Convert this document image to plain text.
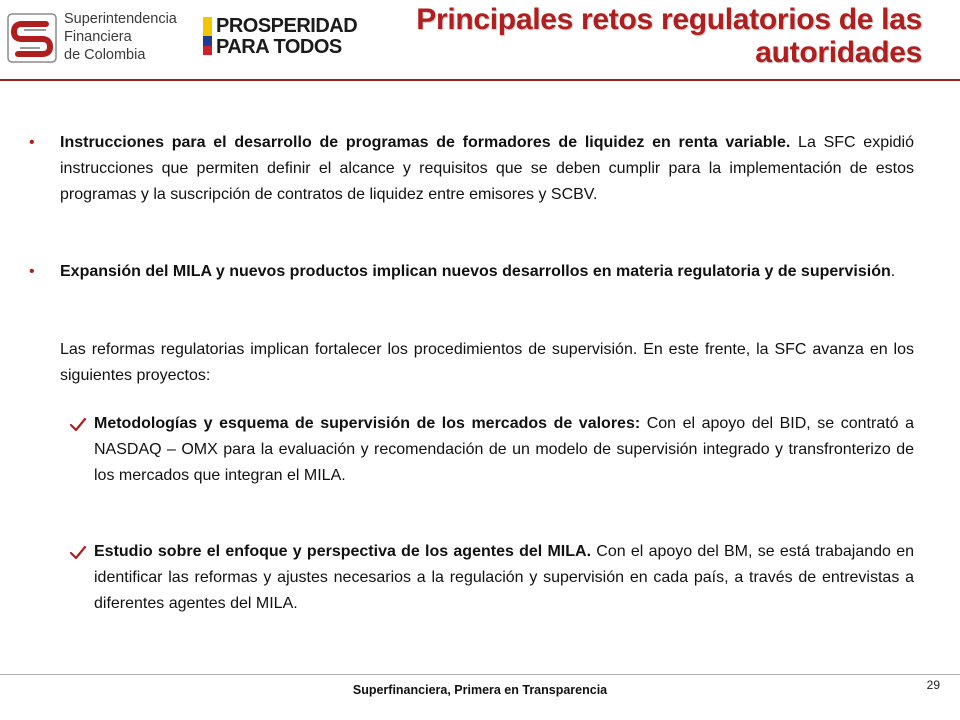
Superintendencia
Financiera
de Colombia
PROSPERIDAD
PARA TODOS
Principales retos regulatorios de las
autoridades
• Instrucciones para el desarrollo de programas de formadores de liquidez en renta variable. La SFC expidió instrucciones que permiten definir el alcance y requisitos que se deben cumplir para la implementación de estos programas y la suscripción de contratos de liquidez entre emisores y SCBV.
• Expansión del MILA y nuevos productos implican nuevos desarrollos en materia regulatoria y de supervisión.
Las reformas regulatorias implican fortalecer los procedimientos de supervisión. En este frente, la SFC avanza en los siguientes proyectos:
Metodologías y esquema de supervisión de los mercados de valores: Con el apoyo del BID, se contrató a NASDAQ – OMX para la evaluación y recomendación de un modelo de supervisión integrado y transfronterizo de los mercados que integran el MILA.
Estudio sobre el enfoque y perspectiva de los agentes del MILA. Con el apoyo del BM, se está trabajando en identificar las reformas y ajustes necesarios a la regulación y supervisión en cada país, a través de entrevistas a diferentes agentes del MILA.
Superfinanciera, Primera en Transparencia	29
